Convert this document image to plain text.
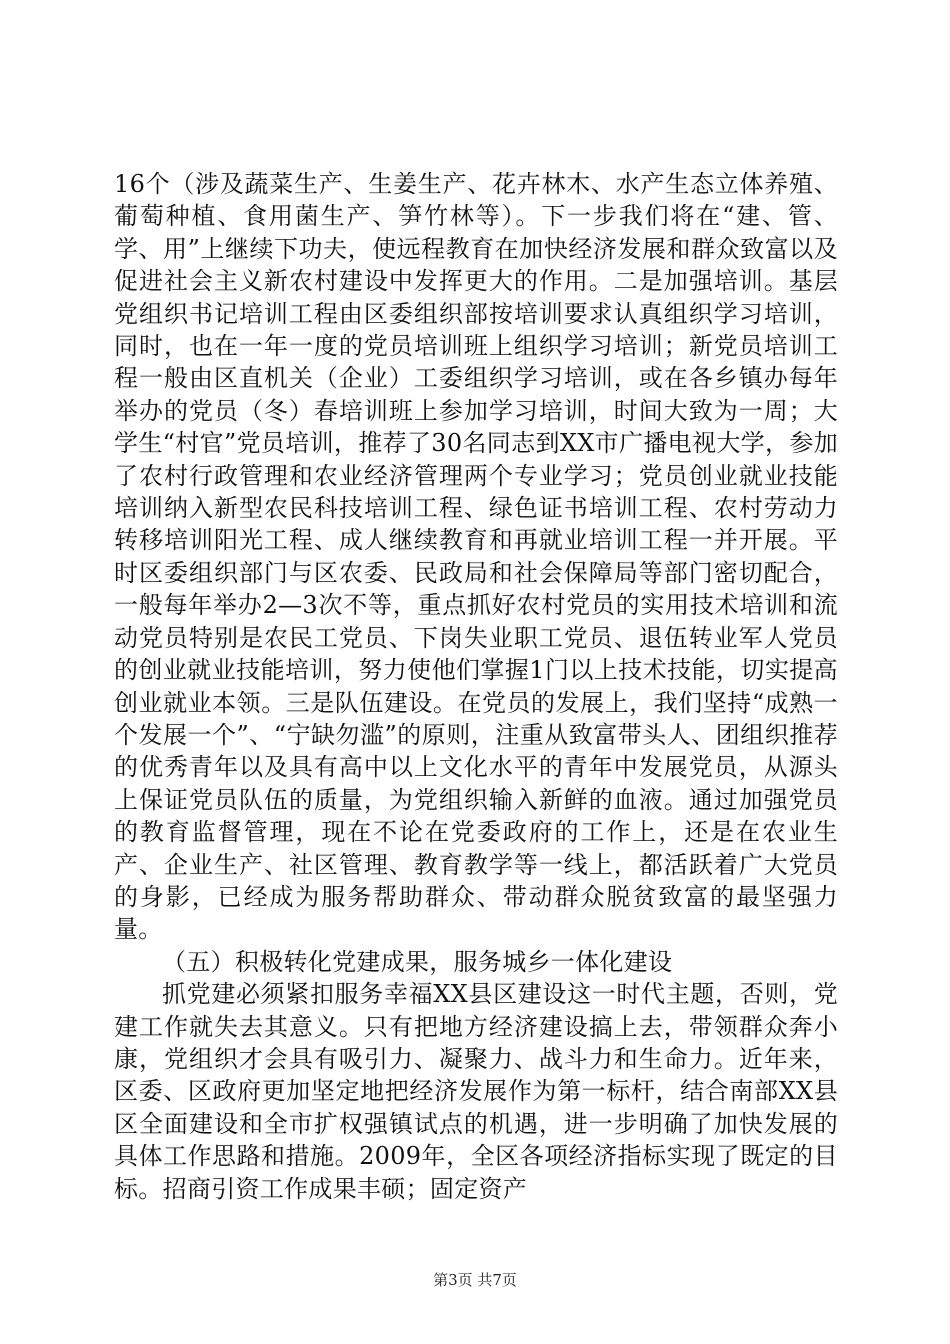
16个（涉及蔬菜生产、生姜生产、花卉林木、水产生态立体养殖、葡萄种植、食用菌生产、笋竹林等）。下一步我们将在“建、管、学、用”上继续下功夫，使远程教育在加快经济发展和群众致富以及促进社会主义新农村建设中发挥更大的作用。二是加强培训。基层党组织书记培训工程由区委组织部按培训要求认真组织学习培训，同时，也在一年一度的党员培训班上组织学习培训；新党员培训工程一般由区直机关（企业）工委组织学习培训，或在各乡镇办每年举办的党员（冬）春培训班上参加学习培训，时间大致为一周；大学生“村官”党员培训，推荐了30名同志到XX市广播电视大学，参加了农村行政管理和农业经济管理两个专业学习；党员创业就业技能培训纳入新型农民科技培训工程、绿色证书培训工程、农村劳动力转移培训阳光工程、成人继续教育和再就业培训工程一并开展。平时区委组织部门与区农委、民政局和社会保障局等部门密切配合，一般每年举办2—3次不等，重点抓好农村党员的实用技术培训和流动党员特别是农民工党员、下岗失业职工党员、退伍转业军人党员的创业就业技能培训，努力使他们掌握1门以上技术技能，切实提高创业就业本领。三是队伍建设。在党员的发展上，我们坚持“成熟一个发展一个”、“宁缺勿滥”的原则，注重从致富带头人、团组织推荐的优秀青年以及具有高中以上文化水平的青年中发展党员，从源头上保证党员队伍的质量，为党组织输入新鲜的血液。通过加强党员的教育监督管理，现在不论在党委政府的工作上，还是在农业生产、企业生产、社区管理、教育教学等一线上，都活跃着广大党员的身影，已经成为服务帮助群众、带动群众脱贫致富的最坚强力量。

（五）积极转化党建成果，服务城乡一体化建设

抓党建必须紧扣服务幸福XX县区建设这一时代主题，否则，党建工作就失去其意义。只有把地方经济建设搞上去，带领群众奔小康，党组织才会具有吸引力、凝聚力、战斗力和生命力。近年来，区委、区政府更加坚定地把经济发展作为第一标杆，结合南部XX县区全面建设和全市扩权强镇试点的机遇，进一步明确了加快发展的具体工作思路和措施。2009年，全区各项经济指标实现了既定的目标。招商引资工作成果丰硕；固定资产

第3页 共7页
